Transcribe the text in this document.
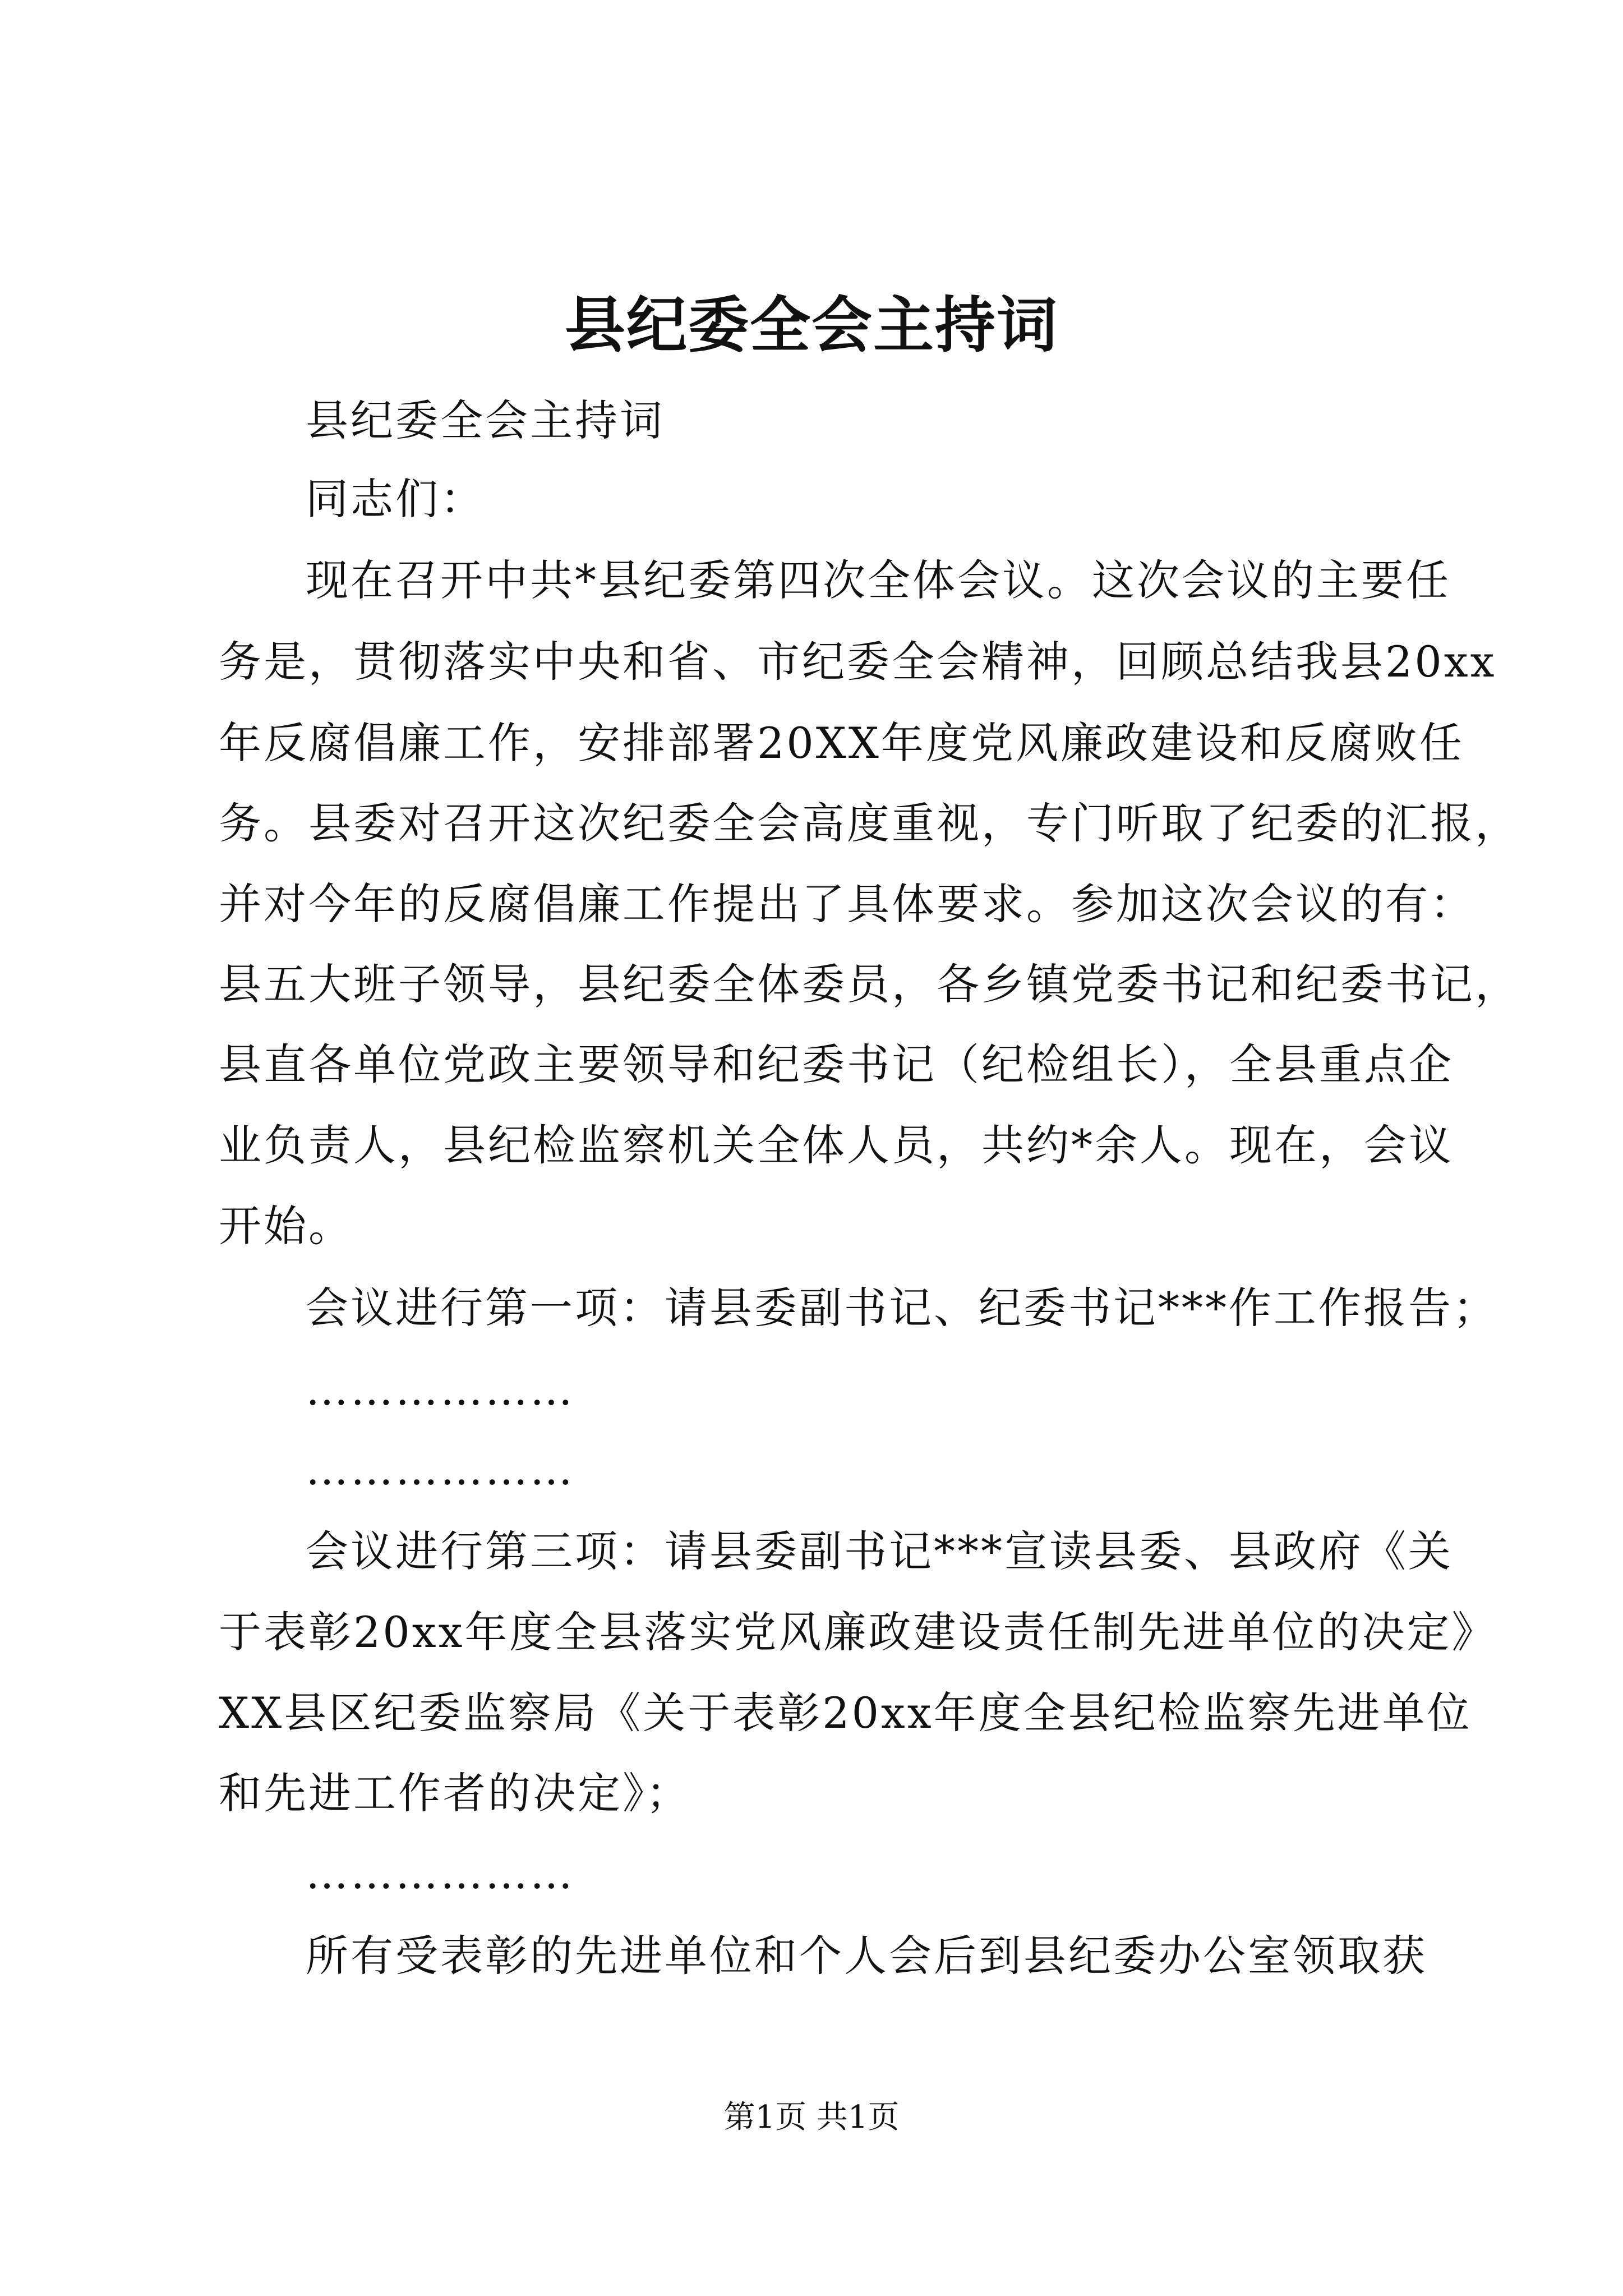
县纪委全会主持词
县纪委全会主持词
同志们：
现在召开中共*县纪委第四次全体会议。这次会议的主要任
务是，贯彻落实中央和省、市纪委全会精神，回顾总结我县20xx
年反腐倡廉工作，安排部署20XX年度党风廉政建设和反腐败任
务。县委对召开这次纪委全会高度重视，专门听取了纪委的汇报，
并对今年的反腐倡廉工作提出了具体要求。参加这次会议的有：
县五大班子领导，县纪委全体委员，各乡镇党委书记和纪委书记，
县直各单位党政主要领导和纪委书记（纪检组长），全县重点企
业负责人，县纪检监察机关全体人员，共约*余人。现在，会议
开始。
会议进行第一项：请县委副书记、纪委书记***作工作报告；
………………
………………
会议进行第三项：请县委副书记***宣读县委、县政府《关
于表彰20xx年度全县落实党风廉政建设责任制先进单位的决定》
XX县区纪委监察局《关于表彰20xx年度全县纪检监察先进单位
和先进工作者的决定》；
………………
所有受表彰的先进单位和个人会后到县纪委办公室领取获
第1页 共1页
